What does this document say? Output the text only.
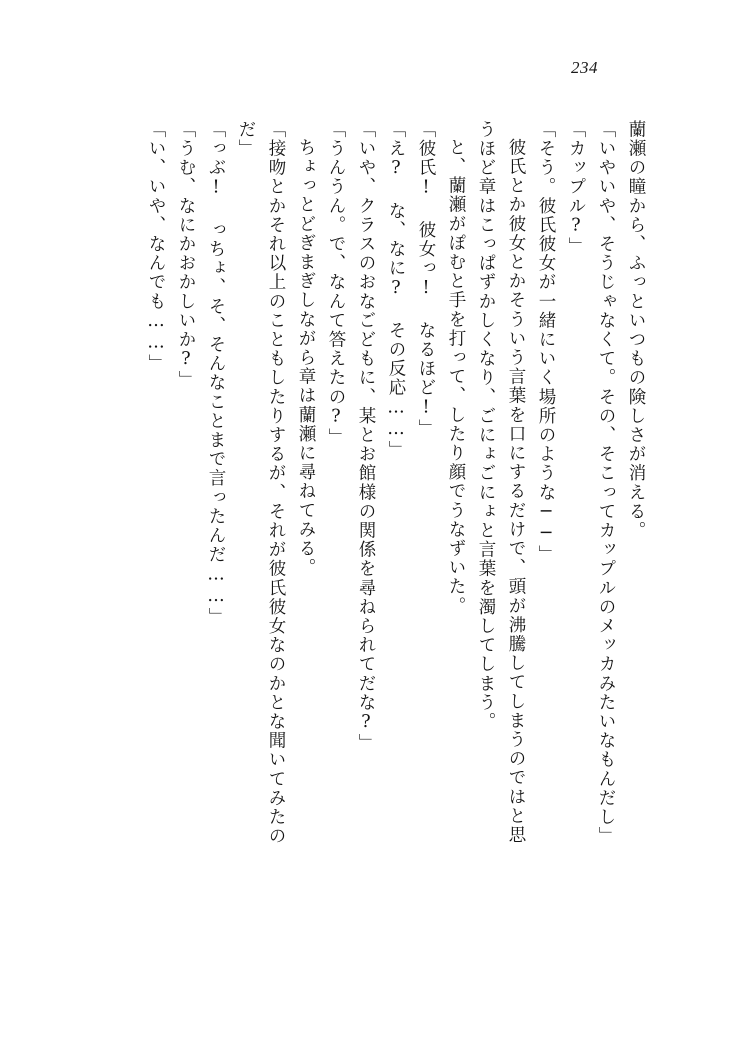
234
蘭瀬の瞳から、ふっといつもの険しさが消える。
「いやいや、そうじゃなくて。その、そこってカップルのメッカみたいなもんだし」
「カップル?」
「そう。彼氏彼女が一緒にいく場所のような──」
彼氏とか彼女とかそういう言葉を口にするだけで、頭が沸騰してしまうのではと思
うほど章はこっぱずかしくなり、ごにょごにょと言葉を濁してしまう。
と、蘭瀬がぽむと手を打って、したり顔でうなずいた。
「彼氏! 彼女っ! なるほど!」
「え? な、なに? その反応……」
「いや、クラスのおなごどもに、某とお館様の関係を尋ねられてだな?」
「うんうん。で、なんて答えたの?」
ちょっとどぎまぎしながら章は蘭瀬に尋ねてみる。
「接吻とかそれ以上のこともしたりするが、それが彼氏彼女なのかとな聞いてみたの
だ」
「っぶ! っちょ、そ、そんなことまで言ったんだ……」
「うむ、なにかおかしいか?」
「い、いや、なんでも……」
